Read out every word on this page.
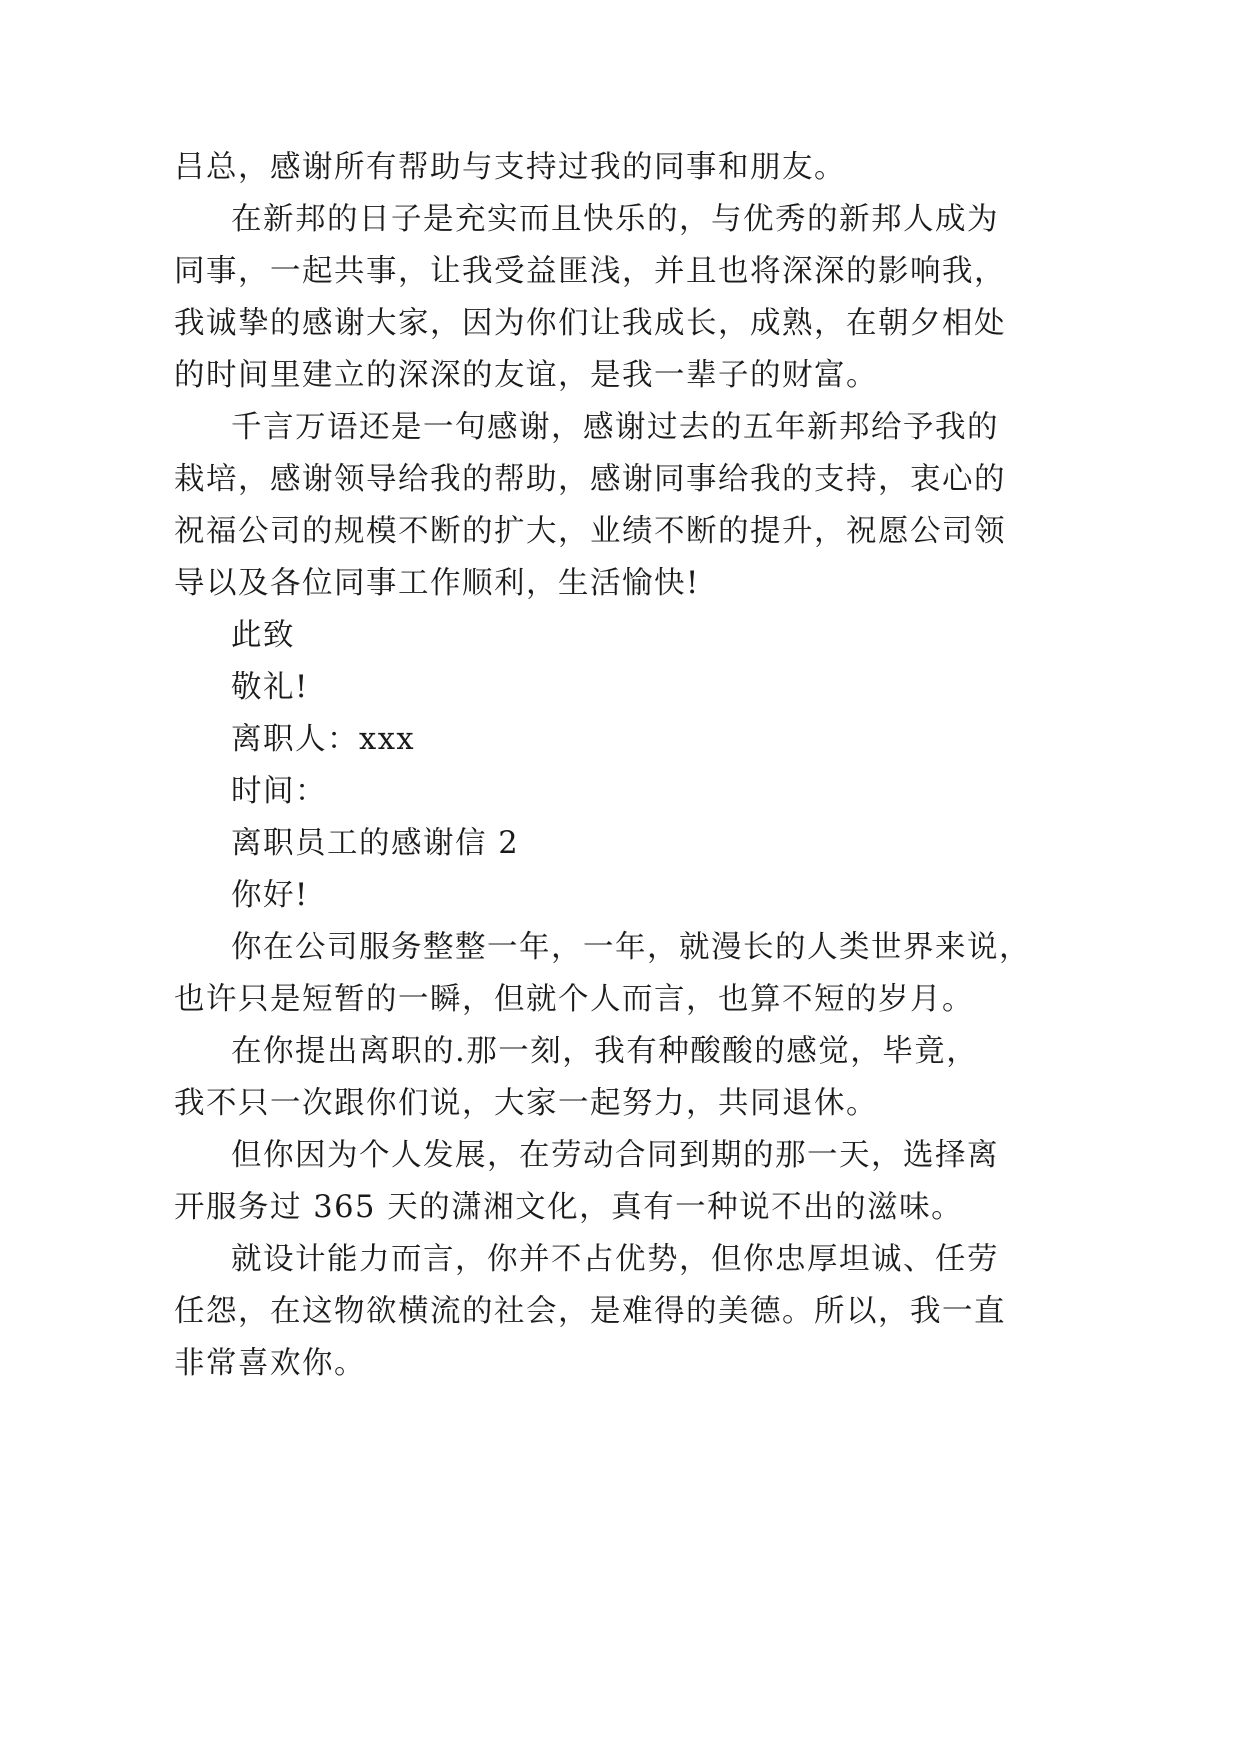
吕总，感谢所有帮助与支持过我的同事和朋友。
在新邦的日子是充实而且快乐的，与优秀的新邦人成为
同事，一起共事，让我受益匪浅，并且也将深深的影响我，
我诚挚的感谢大家，因为你们让我成长，成熟，在朝夕相处
的时间里建立的深深的友谊，是我一辈子的财富。
千言万语还是一句感谢，感谢过去的五年新邦给予我的
栽培，感谢领导给我的帮助，感谢同事给我的支持，衷心的
祝福公司的规模不断的扩大，业绩不断的提升，祝愿公司领
导以及各位同事工作顺利，生活愉快!
此致
敬礼!
离职人：xxx
时间：
离职员工的感谢信 2
你好!
你在公司服务整整一年，一年，就漫长的人类世界来说，
也许只是短暂的一瞬，但就个人而言，也算不短的岁月。
在你提出离职的.那一刻，我有种酸酸的感觉，毕竟，
我不只一次跟你们说，大家一起努力，共同退休。
但你因为个人发展，在劳动合同到期的那一天，选择离
开服务过 365 天的潇湘文化，真有一种说不出的滋味。
就设计能力而言，你并不占优势，但你忠厚坦诚、任劳
任怨，在这物欲横流的社会，是难得的美德。所以，我一直
非常喜欢你。
